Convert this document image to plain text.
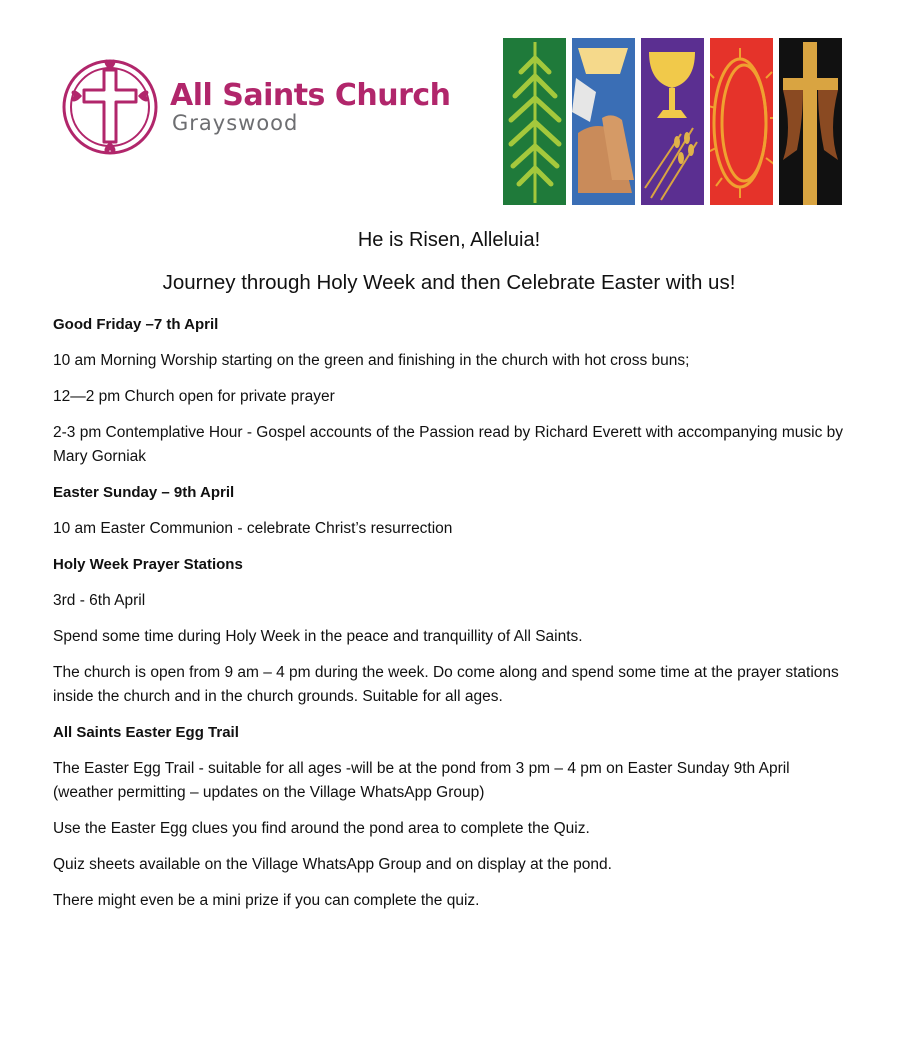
All Saints Church
Grayswood
He is Risen, Alleluia!
Journey through Holy Week and then Celebrate Easter with us!

Good Friday –7 th April

10 am Morning Worship starting on the green and finishing in the church with hot cross buns;

12—2 pm Church open for private prayer

2-3 pm Contemplative Hour - Gospel accounts of the Passion read by Richard Everett with accompanying music by Mary Gorniak

Easter Sunday – 9th April

10 am Easter Communion - celebrate Christ’s resurrection

Holy Week Prayer Stations

3rd - 6th April

Spend some time during Holy Week in the peace and tranquillity of All Saints.

The church is open from 9 am – 4 pm during the week. Do come along and spend some time at the prayer stations inside the church and in the church grounds. Suitable for all ages.

All Saints Easter Egg Trail

The Easter Egg Trail - suitable for all ages -will be at the pond from 3 pm – 4 pm on Easter Sunday 9th April (weather permitting – updates on the Village WhatsApp Group)

Use the Easter Egg clues you find around the pond area to complete the Quiz.

Quiz sheets available on the Village WhatsApp Group and on display at the pond.

There might even be a mini prize if you can complete the quiz.
